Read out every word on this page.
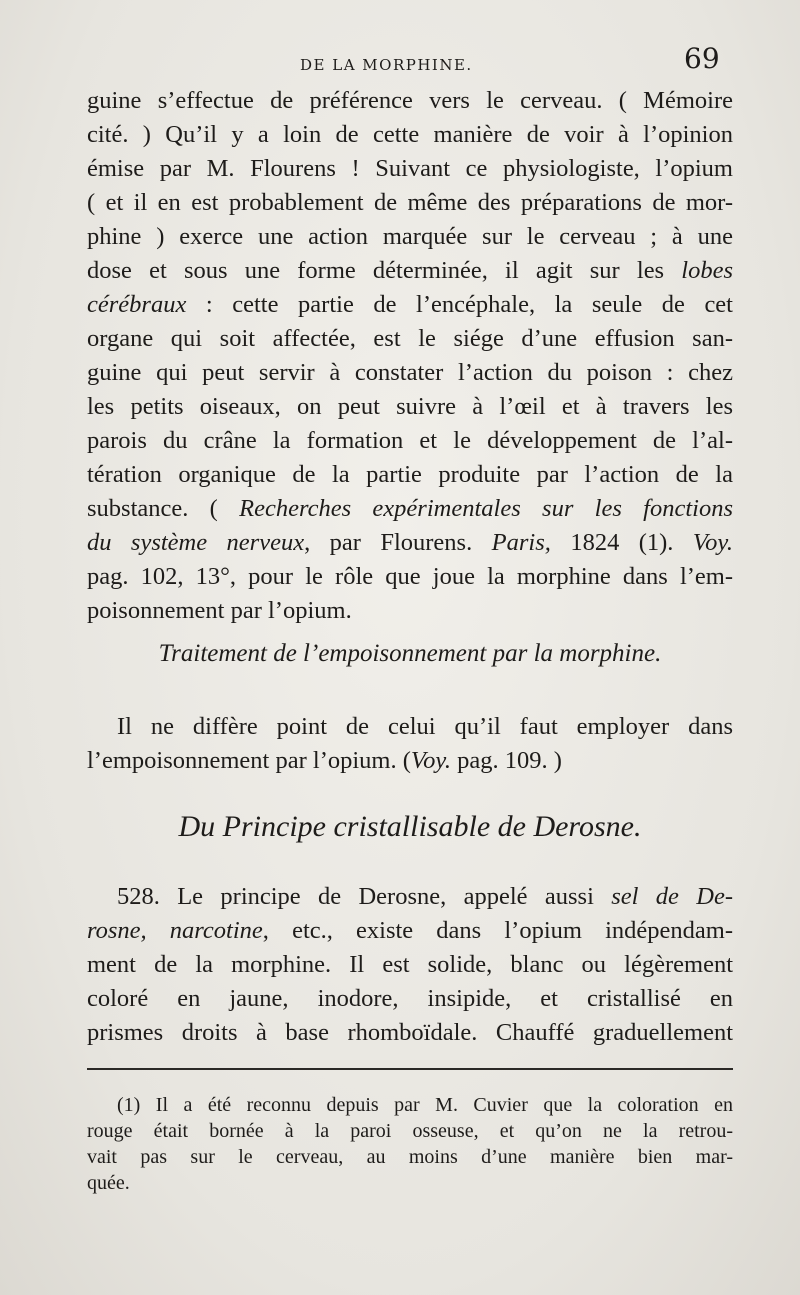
DE LA MORPHINE.	69
guine s’effectue de préférence vers le cerveau. ( Mémoire
cité. ) Qu’il y a loin de cette manière de voir à l’opinion
émise par M. Flourens ! Suivant ce physiologiste, l’opium
( et il en est probablement de même des préparations de mor-
phine ) exerce une action marquée sur le cerveau ; à une
dose et sous une forme déterminée, il agit sur les lobes
cérébraux : cette partie de l’encéphale, la seule de cet
organe qui soit affectée, est le siége d’une effusion san-
guine qui peut servir à constater l’action du poison : chez
les petits oiseaux, on peut suivre à l’œil et à travers les
parois du crâne la formation et le développement de l’al-
tération organique de la partie produite par l’action de la
substance. ( Recherches expérimentales sur les fonctions
du système nerveux, par Flourens. Paris, 1824 (1). Voy.
pag. 102, 13°, pour le rôle que joue la morphine dans l’em-
poisonnement par l’opium.
Traitement de l’empoisonnement par la morphine.
Il ne diffère point de celui qu’il faut employer dans
l’empoisonnement par l’opium. (Voy. pag. 109. )
Du Principe cristallisable de Derosne.
528. Le principe de Derosne, appelé aussi sel de De-
rosne, narcotine, etc., existe dans l’opium indépendam-
ment de la morphine. Il est solide, blanc ou légèrement
coloré en jaune, inodore, insipide, et cristallisé en
prismes droits à base rhomboïdale. Chauffé graduellement
(1) Il a été reconnu depuis par M. Cuvier que la coloration en
rouge était bornée à la paroi osseuse, et qu’on ne la retrou-
vait pas sur le cerveau, au moins d’une manière bien mar-
quée.
